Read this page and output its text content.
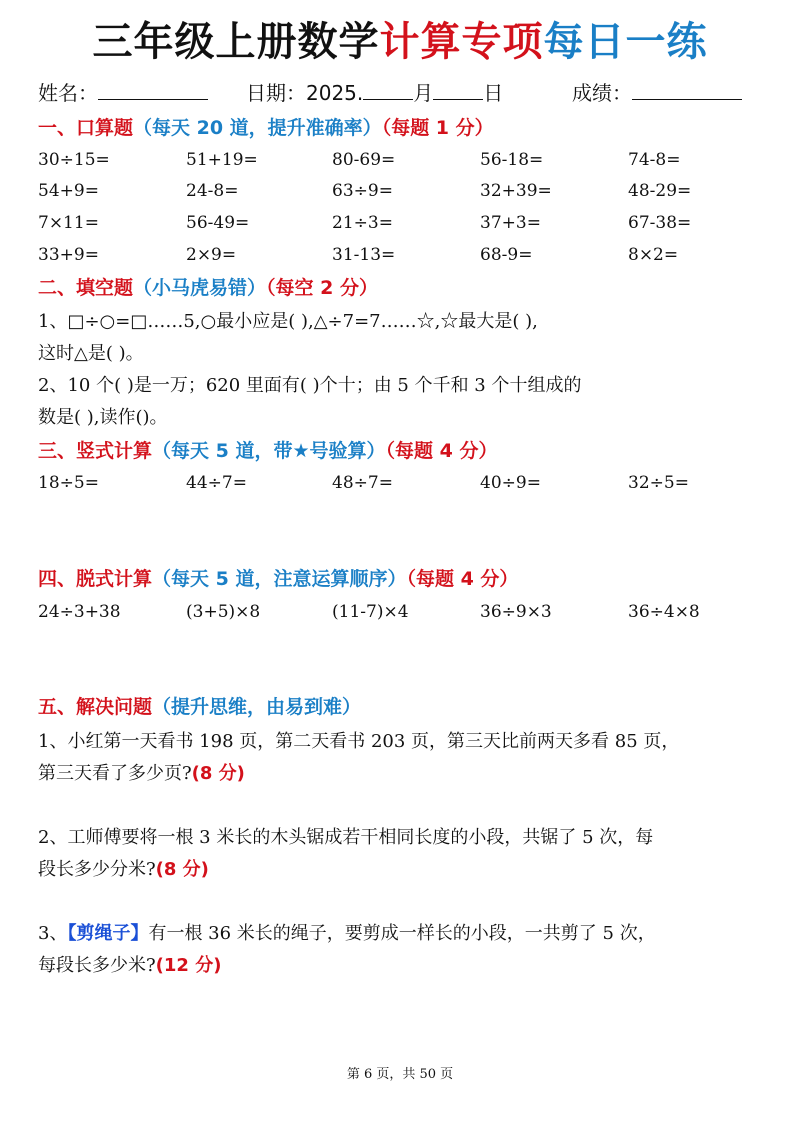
三年级上册数学计算专项每日一练
姓名：	日期：2025.	月	日	成绩：
一、口算题（每天 20 道，提升准确率）（每题 1 分）
30÷15=	51+19=	80-69=	56-18=	74-8=
54+9=	24-8=	63÷9=	32+39=	48-29=
7×11=	56-49=	21÷3=	37+3=	67-38=
33+9=	2×9=	31-13=	68-9=	8×2=
二、填空题（小马虎易错）（每空 2 分）
1、□÷○=□……5,○最小应是( ),△÷7=7……☆,☆最大是( ),
这时△是( )。
2、10 个( )是一万；620 里面有( )个十；由 5 个千和 3 个十组成的
数是( ),读作()。
三、竖式计算（每天 5 道，带★号验算）（每题 4 分）
18÷5=	44÷7=	48÷7=	40÷9=	32÷5=
四、脱式计算（每天 5 道，注意运算顺序）（每题 4 分）
24÷3+38	(3+5)×8	(11-7)×4	36÷9×3	36÷4×8
五、解决问题（提升思维，由易到难）
1、小红第一天看书 198 页，第二天看书 203 页，第三天比前两天多看 85 页，
第三天看了多少页?(8 分)
2、工师傅要将一根 3 米长的木头锯成若干相同长度的小段，共锯了 5 次，每
段长多少分米?(8 分)
3、【剪绳子】有一根 36 米长的绳子，要剪成一样长的小段，一共剪了 5 次，
每段长多少米?(12 分)
第 6 页，共 50 页
